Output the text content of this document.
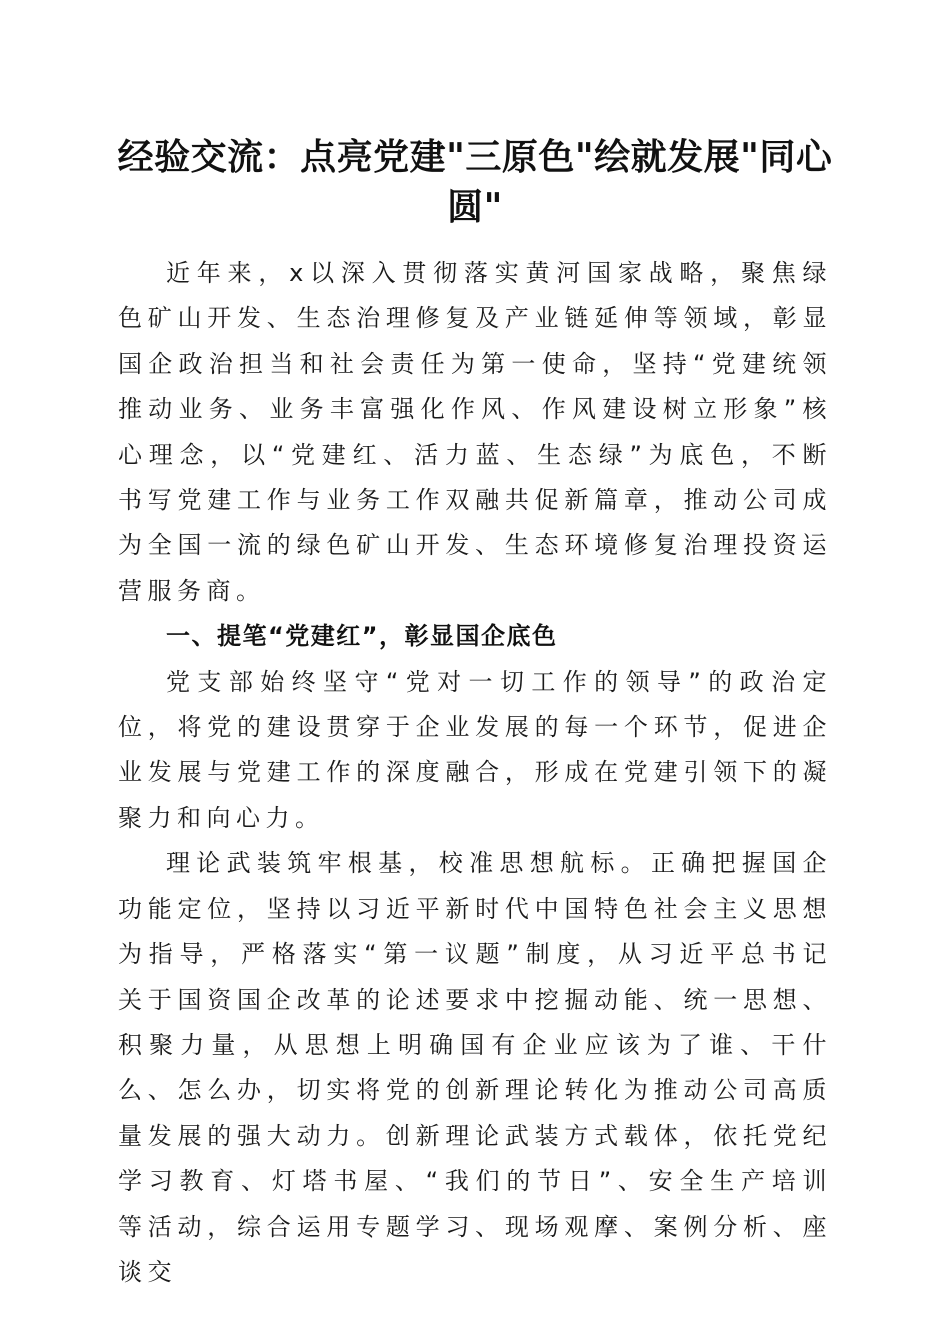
经验交流：点亮党建"三原色"绘就发展"同心圆"

近年来，x以深入贯彻落实黄河国家战略，聚焦绿色矿山开发、生态治理修复及产业链延伸等领域，彰显国企政治担当和社会责任为第一使命，坚持“党建统领推动业务、业务丰富强化作风、作风建设树立形象”核心理念，以“党建红、活力蓝、生态绿”为底色，不断书写党建工作与业务工作双融共促新篇章，推动公司成为全国一流的绿色矿山开发、生态环境修复治理投资运营服务商。

一、提笔“党建红”，彰显国企底色

党支部始终坚守“党对一切工作的领导”的政治定位，将党的建设贯穿于企业发展的每一个环节，促进企业发展与党建工作的深度融合，形成在党建引领下的凝聚力和向心力。

理论武装筑牢根基，校准思想航标。正确把握国企功能定位，坚持以习近平新时代中国特色社会主义思想为指导，严格落实“第一议题”制度，从习近平总书记关于国资国企改革的论述要求中挖掘动能、统一思想、积聚力量，从思想上明确国有企业应该为了谁、干什么、怎么办，切实将党的创新理论转化为推动公司高质量发展的强大动力。创新理论武装方式载体，依托党纪学习教育、灯塔书屋、“我们的节日”、安全生产培训等活动，综合运用专题学习、现场观摩、案例分析、座谈交
